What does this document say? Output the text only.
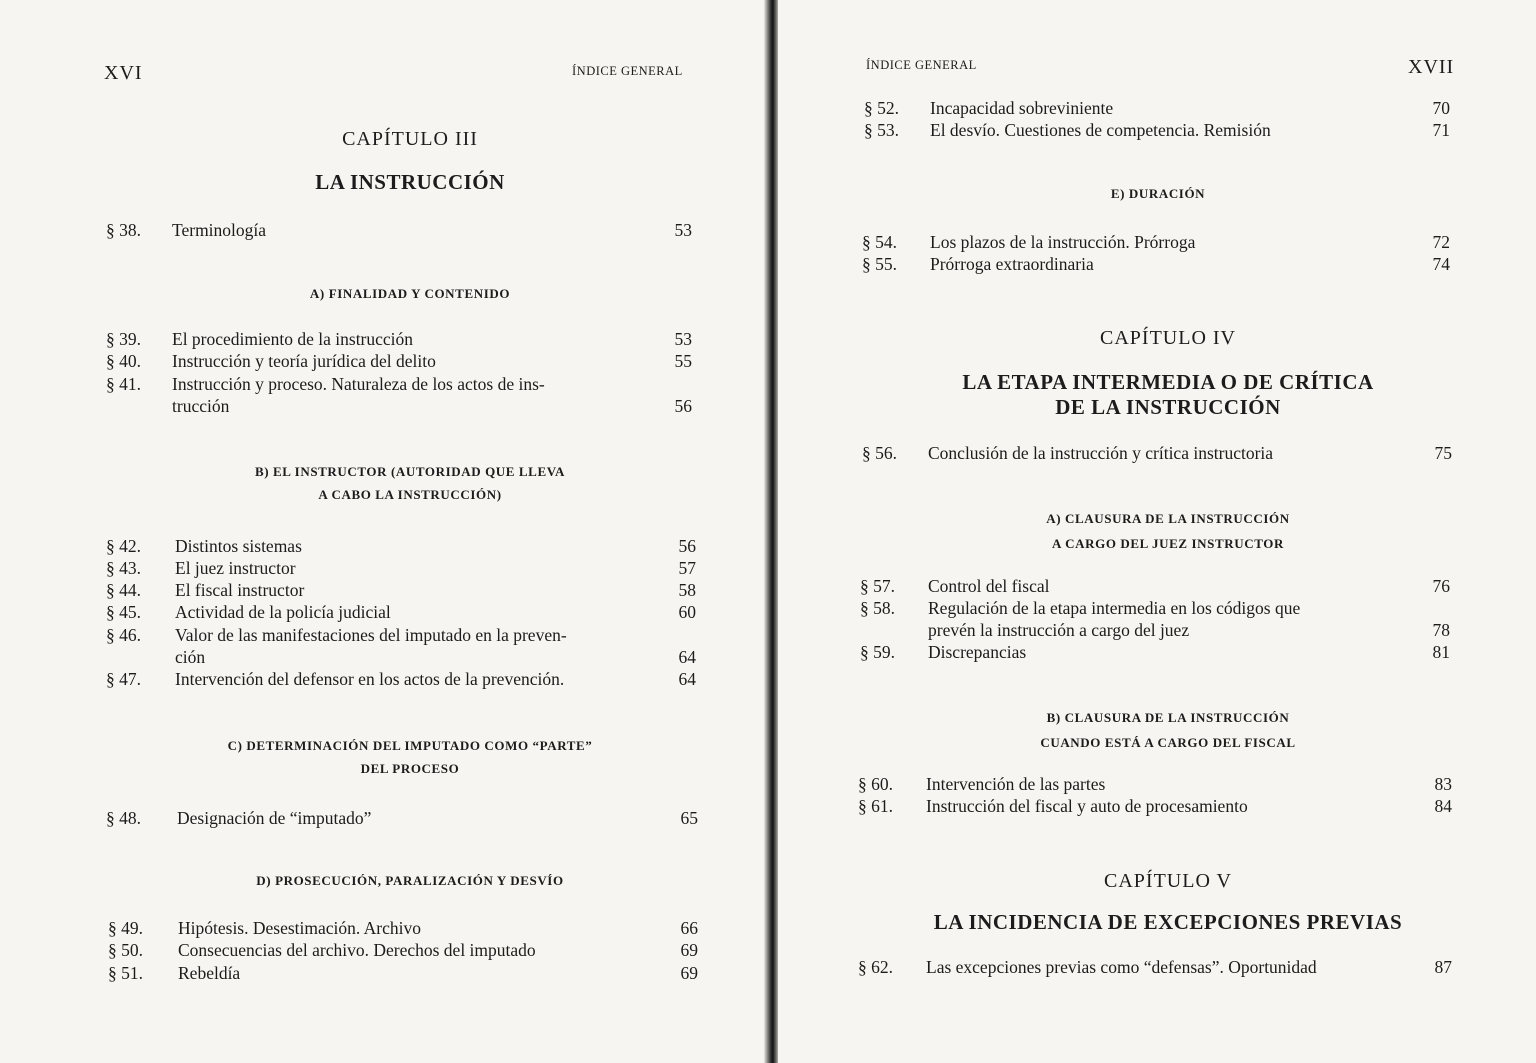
XVI	ÍNDICE GENERAL
CAPÍTULO III
LA INSTRUCCIÓN
§ 38. Terminología . . .	53
A) FINALIDAD Y CONTENIDO
§ 39. El procedimiento de la instrucción . . .	53
§ 40. Instrucción y teoría jurídica del delito . . .	55
§ 41. Instrucción y proceso. Naturaleza de los actos de ins-
trucción . . .	56
B) EL INSTRUCTOR (AUTORIDAD QUE LLEVA
A CABO LA INSTRUCCIÓN)
§ 42. Distintos sistemas . . .	56
§ 43. El juez instructor . . .	57
§ 44. El fiscal instructor . . .	58
§ 45. Actividad de la policía judicial . . .	60
§ 46. Valor de las manifestaciones del imputado en la preven-
ción . . .	64
§ 47. Intervención del defensor en los actos de la prevención.	64
C) DETERMINACIÓN DEL IMPUTADO COMO “PARTE”
DEL PROCESO
§ 48. Designación de “imputado” . . .	65
D) PROSECUCIÓN, PARALIZACIÓN Y DESVÍO
§ 49. Hipótesis. Desestimación. Archivo . . .	66
§ 50. Consecuencias del archivo. Derechos del imputado . . .	69
§ 51. Rebeldía . . .	69
ÍNDICE GENERAL	XVII
§ 52. Incapacidad sobreviniente . . .	70
§ 53. El desvío. Cuestiones de competencia. Remisión . . .	71
E) DURACIÓN
§ 54. Los plazos de la instrucción. Prórroga . . .	72
§ 55. Prórroga extraordinaria . . .	74
CAPÍTULO IV
LA ETAPA INTERMEDIA O DE CRÍTICA
DE LA INSTRUCCIÓN
§ 56. Conclusión de la instrucción y crítica instructoria . . .	75
A) CLAUSURA DE LA INSTRUCCIÓN
A CARGO DEL JUEZ INSTRUCTOR
§ 57. Control del fiscal . . .	76
§ 58. Regulación de la etapa intermedia en los códigos que
prevén la instrucción a cargo del juez . . .	78
§ 59. Discrepancias . . .	81
B) CLAUSURA DE LA INSTRUCCIÓN
CUANDO ESTÁ A CARGO DEL FISCAL
§ 60. Intervención de las partes . . .	83
§ 61. Instrucción del fiscal y auto de procesamiento . . .	84
CAPÍTULO V
LA INCIDENCIA DE EXCEPCIONES PREVIAS
§ 62. Las excepciones previas como “defensas”. Oportunidad	87
